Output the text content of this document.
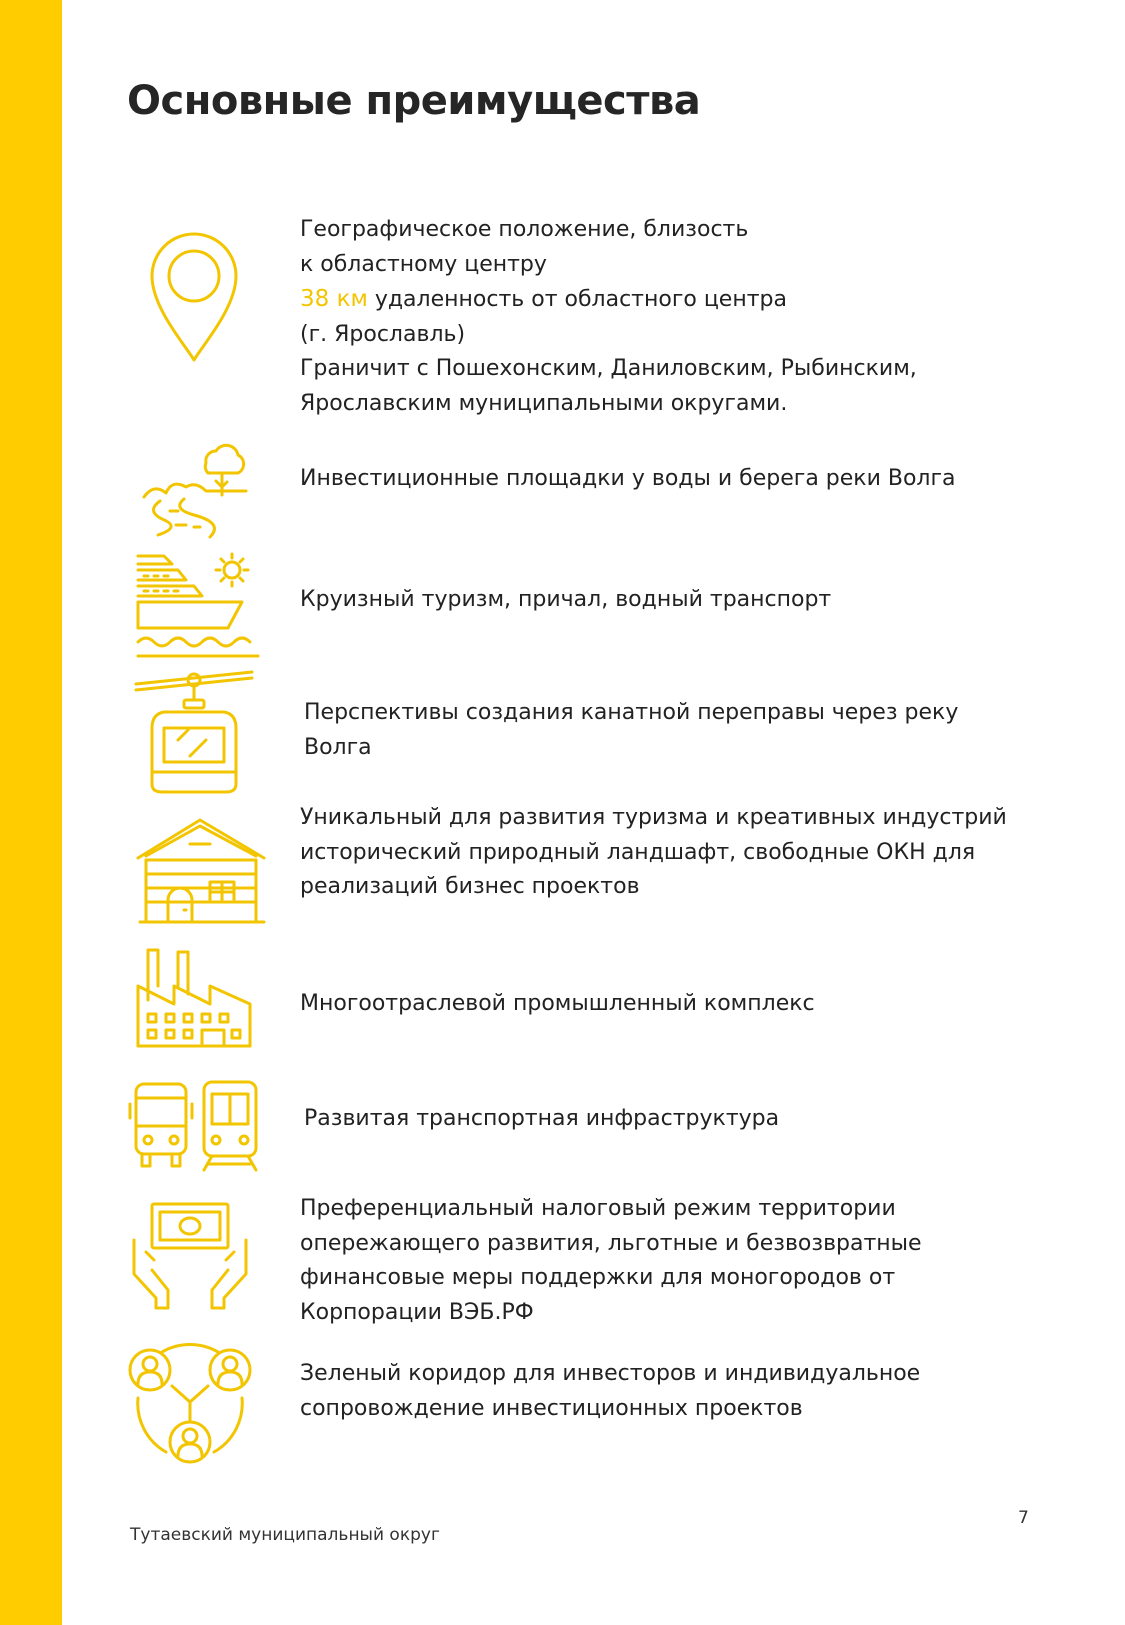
Основные преимущества
Географическое положение, близость
к областному центру
38 км удаленность от областного центра
(г. Ярославль)
Граничит с Пошехонским, Даниловским, Рыбинским,
Ярославским муниципальными округами.
Инвестиционные площадки у воды и берега реки Волга
Круизный туризм, причал, водный транспорт
Перспективы создания канатной переправы через реку
Волга
Уникальный для развития туризма и креативных индустрий
исторический природный ландшафт, свободные ОКН для
реализаций бизнес проектов
Многоотраслевой промышленный комплекс
Развитая транспортная инфраструктура
Преференциальный налоговый режим территории
опережающего развития, льготные и безвозвратные
финансовые меры поддержки для моногородов от
Корпорации ВЭБ.РФ
Зеленый коридор для инвесторов и индивидуальное
сопровождение инвестиционных проектов
Тутаевский муниципальный округ
7
